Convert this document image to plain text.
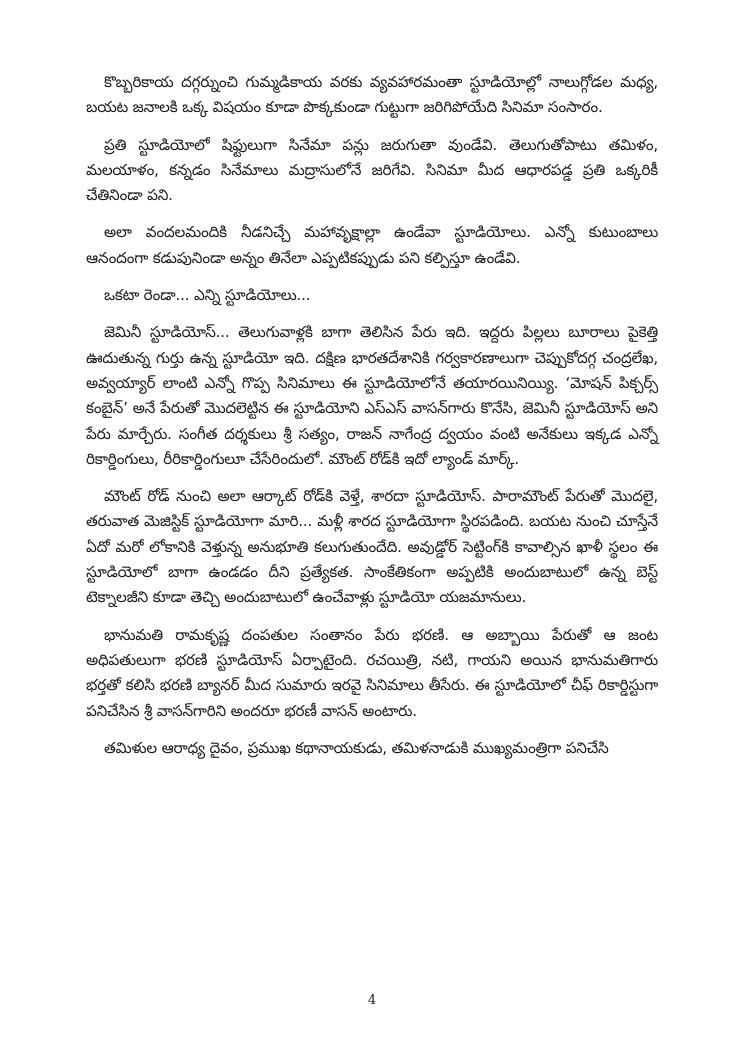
కొబ్బరికాయ దగ్గర్నుంచి గుమ్మడికాయ వరకు వ్యవహారమంతా స్టూడియోల్లో నాలుగ్గోడల మధ్య, బయట జనాలకి ఒక్క విషయం కూడా పొక్కకుండా గుట్టుగా జరిగిపోయేది సినిమా సంసారం.

ప్రతి స్టూడియోలో షిఫ్టులుగా సినేమా పన్లు జరుగుతా వుండేవి. తెలుగుతోపాటు తమిళం, మలయాళం, కన్నడం సినేమాలు మద్రాసులోనే జరిగేవి. సినిమా మీద ఆధారపడ్డ ప్రతి ఒక్కరికీ చేతినిండా పని.

అలా వందలమందికి నీడనిచ్చే మహావృక్షాల్లా ఉండేవా స్టూడియోలు. ఎన్నో కుటుంబాలు ఆనందంగా కడుపునిండా అన్నం తినేలా ఎప్పటికప్పుడు పని కల్పిస్తూ ఉండేవి.

ఒకటా రెండా... ఎన్ని స్టూడియోలు...

జెమినీ స్టూడియోస్... తెలుగువాళ్లకి బాగా తెలిసిన పేరు ఇది. ఇద్దరు పిల్లలు బూరాలు పైకెత్తి ఊదుతున్న గుర్తు ఉన్న స్టూడియో ఇది. దక్షిణ భారతదేశానికి గర్వకారణాలుగా చెప్పుకోదగ్గ చంద్రలేఖ, అవ్వయ్యార్ లాంటి ఎన్నో గొప్ప సినిమాలు ఈ స్టూడియోలోనే తయారయినియ్యి. ‘మోషన్ పిక్చర్స్ కంబైన్’ అనే పేరుతో మొదలెట్టిన ఈ స్టూడియోని ఎస్ఎస్ వాసన్‌గారు కొనేసి, జెమినీ స్టూడియోస్ అని పేరు మార్చేరు. సంగీత దర్శకులు శ్రీ సత్యం, రాజన్ నాగేంద్ర ద్వయం వంటి అనేకులు ఇక్కడ ఎన్నో రికార్డింగులు, రీరికార్డింగులూ చేసేరిందులో. మౌంట్ రోడ్‌కి ఇదో ల్యాండ్ మార్క్.

మౌంట్ రోడ్ నుంచి అలా ఆర్కాట్ రోడ్‌కి వెళ్తే, శారదా స్టూడియోస్. పారామౌంట్ పేరుతో మొదలై, తరువాత మెజిస్టిక్ స్టూడియోగా మారి... మళ్లీ శారద స్టూడియోగా స్థిరపడింది. బయట నుంచి చూస్తేనే ఏదో మరో లోకానికి వెళ్తున్న అనుభూతి కలుగుతుందేది. అవుడ్డోర్ సెట్టింగ్‌కి కావాల్సిన ఖాళీ స్థలం ఈ స్టూడియోలో బాగా ఉండడం దీని ప్రత్యేకత. సాంకేతికంగా అప్పటికి అందుబాటులో ఉన్న బెస్ట్ టెక్నాలజీని కూడా తెచ్చి అందుబాటులో ఉంచేవాళ్లు స్టూడియో యజమానులు.

భానుమతి రామకృష్ణ దంపతుల సంతానం పేరు భరణి. ఆ అబ్బాయి పేరుతో ఆ జంట అధిపతులుగా భరణి స్టూడియోస్ ఏర్పాటైంది. రచయిత్రి, నటి, గాయని అయిన భానుమతిగారు భర్తతో కలిసి భరణి బ్యానర్ మీద సుమారు ఇరవై సినిమాలు తీసేరు. ఈ స్టూడియోలో చీఫ్ రికార్డిస్టుగా పనిచేసిన శ్రీ వాసన్‌గారిని అందరూ భరణీ వాసన్ అంటారు.

తమిళుల ఆరాధ్య దైవం, ప్రముఖ కథానాయకుడు, తమిళనాడుకి ముఖ్యమంత్రిగా పనిచేసి

4
